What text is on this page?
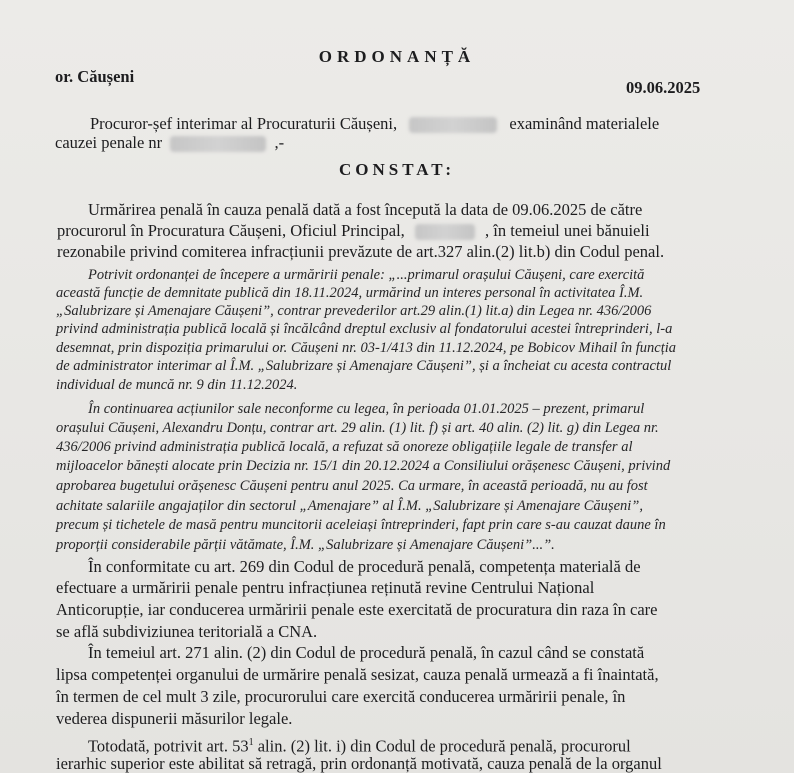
ORDONANȚĂ
or. Căușeni
09.06.2025
Procuror-șef interimar al Procuraturii Căușeni,	examinând materialele
cauzei penale nr	,-
CONSTAT:
Urmărirea penală în cauza penală dată a fost începută la data de 09.06.2025 de către
procurorul în Procuratura Căușeni, Oficiul Principal,	, în temeiul unei bănuieli
rezonabile privind comiterea infracțiunii prevăzute de art.327 alin.(2) lit.b) din Codul penal.
Potrivit ordonanței de începere a urmăririi penale: „...primarul orașului Căușeni, care exercită
această funcție de demnitate publică din 18.11.2024, urmărind un interes personal în activitatea Î.M.
„Salubrizare și Amenajare Căușeni”, contrar prevederilor art.29 alin.(1) lit.a) din Legea nr. 436/2006
privind administrația publică locală și încălcând dreptul exclusiv al fondatorului acestei întreprinderi, l-a
desemnat, prin dispoziția primarului or. Căușeni nr. 03-1/413 din 11.12.2024, pe Bobicov Mihail în funcția
de administrator interimar al Î.M. „Salubrizare și Amenajare Căușeni”, și a încheiat cu acesta contractul
individual de muncă nr. 9 din 11.12.2024.
În continuarea acțiunilor sale neconforme cu legea, în perioada 01.01.2025 – prezent, primarul
orașului Căușeni, Alexandru Donțu, contrar art. 29 alin. (1) lit. f) și art. 40 alin. (2) lit. g) din Legea nr.
436/2006 privind administrația publică locală, a refuzat să onoreze obligațiile legale de transfer al
mijloacelor bănești alocate prin Decizia nr. 15/1 din 20.12.2024 a Consiliului orășenesc Căușeni, privind
aprobarea bugetului orășenesc Căușeni pentru anul 2025. Ca urmare, în această perioadă, nu au fost
achitate salariile angajaților din sectorul „Amenajare” al Î.M. „Salubrizare și Amenajare Căușeni”,
precum și tichetele de masă pentru muncitorii aceleiași întreprinderi, fapt prin care s-au cauzat daune în
proporții considerabile părții vătămate, Î.M. „Salubrizare și Amenajare Căușeni”...”.
În conformitate cu art. 269 din Codul de procedură penală, competența materială de
efectuare a urmăririi penale pentru infracțiunea reținută revine Centrului Național
Anticorupție, iar conducerea urmăririi penale este exercitată de procuratura din raza în care
se află subdiviziunea teritorială a CNA.
În temeiul art. 271 alin. (2) din Codul de procedură penală, în cazul când se constată
lipsa competenței organului de urmărire penală sesizat, cauza penală urmează a fi înaintată,
în termen de cel mult 3 zile, procurorului care exercită conducerea urmăririi penale, în
vederea dispunerii măsurilor legale.
Totodată, potrivit art. $53^1$ alin. (2) lit. i) din Codul de procedură penală, procurorul
ierarhic superior este abilitat să retragă, prin ordonanță motivată, cauza penală de la organul
